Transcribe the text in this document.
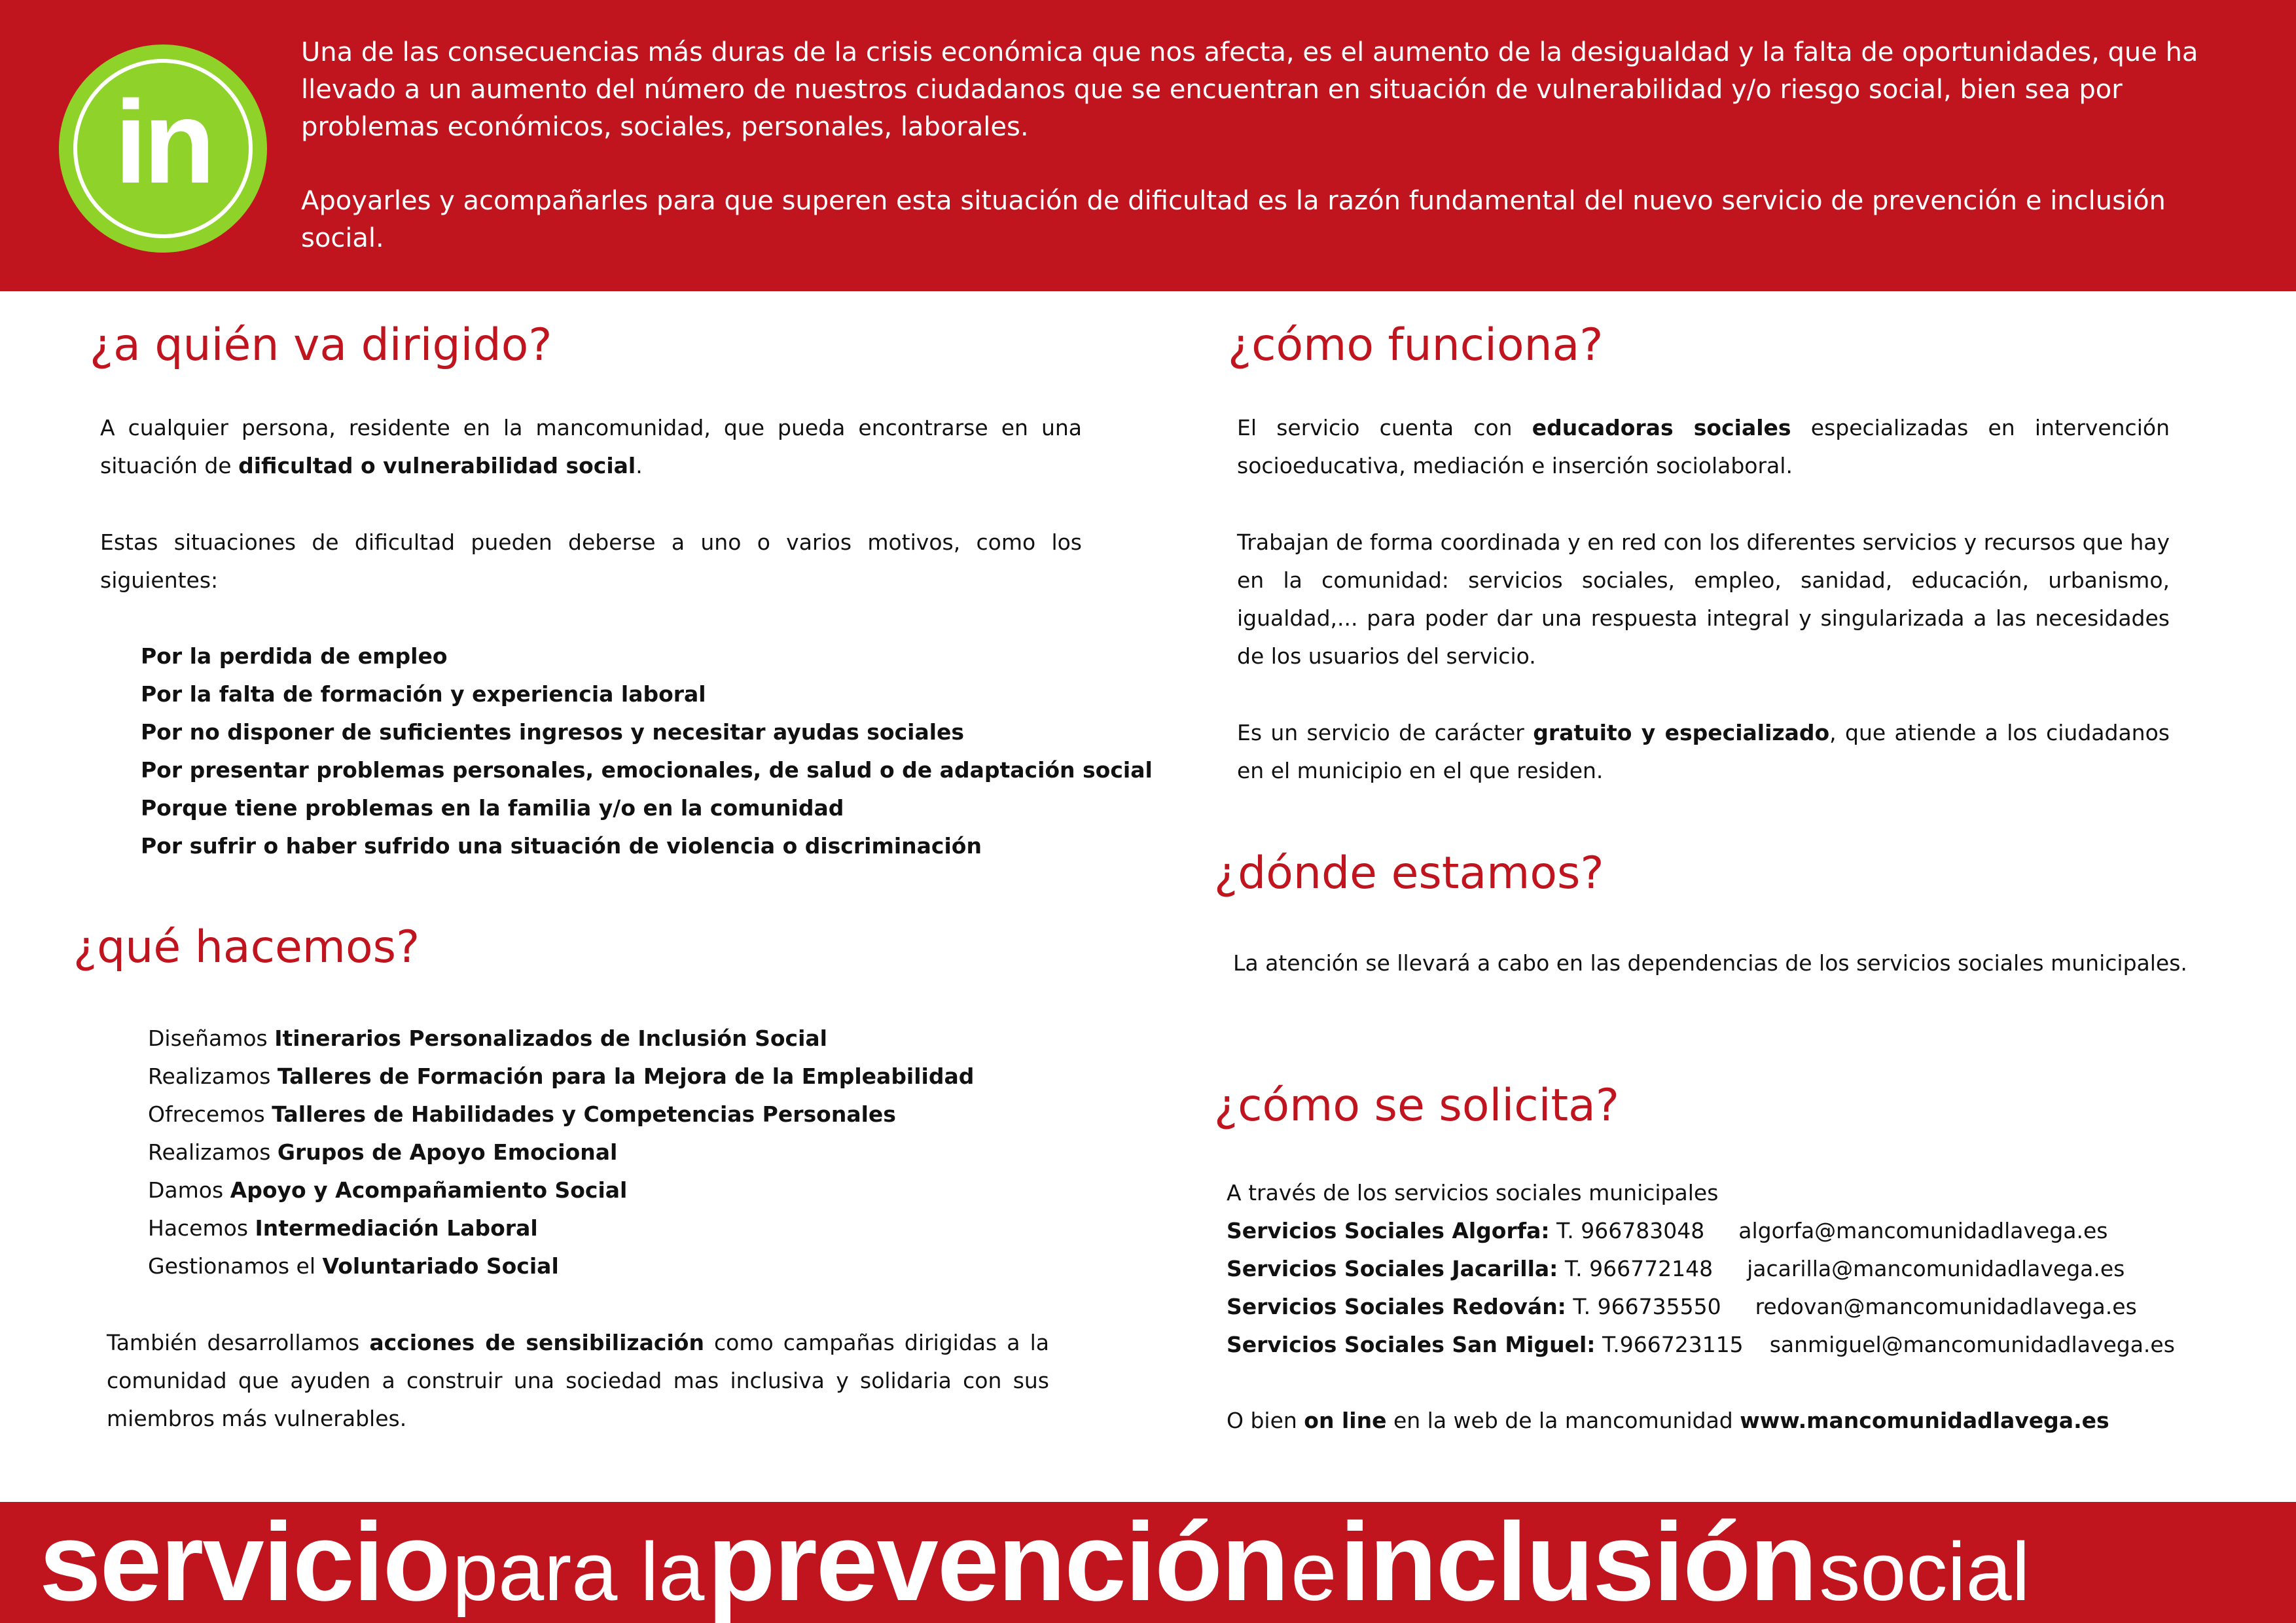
in

Una de las consecuencias más duras de la crisis económica que nos afecta, es el aumento de la desigualdad y la falta de oportunidades, que ha llevado a un aumento del número de nuestros ciudadanos que se encuentran en situación de vulnerabilidad y/o riesgo social, bien sea por problemas económicos, sociales, personales, laborales.

Apoyarles y acompañarles para que superen esta situación de dificultad es la razón fundamental del nuevo servicio de prevención e inclusión social.

¿a quién va dirigido?

A cualquier persona, residente en la mancomunidad, que pueda encontrarse en una situación de dificultad o vulnerabilidad social.

Estas situaciones de dificultad pueden deberse a uno o varios motivos, como los siguientes:

Por la perdida de empleo
Por la falta de formación y experiencia laboral
Por no disponer de suficientes ingresos y necesitar ayudas sociales
Por presentar problemas personales, emocionales, de salud o de adaptación social
Porque tiene problemas en la familia y/o en la comunidad
Por sufrir o haber sufrido una situación de violencia o discriminación
¿qué hacemos?
Diseñamos Itinerarios Personalizados de Inclusión Social
Realizamos Talleres de Formación para la Mejora de la Empleabilidad
Ofrecemos Talleres de Habilidades y Competencias Personales
Realizamos Grupos de Apoyo Emocional
Damos Apoyo y Acompañamiento Social
Hacemos Intermediación Laboral
Gestionamos el Voluntariado Social

También desarrollamos acciones de sensibilización como campañas dirigidas a la comunidad que ayuden a construir una sociedad mas inclusiva y solidaria con sus miembros más vulnerables.

¿cómo funciona?

El servicio cuenta con educadoras sociales especializadas en intervención socioeducativa, mediación e inserción sociolaboral.

Trabajan de forma coordinada y en red con los diferentes servicios y recursos que hay en la comunidad: servicios sociales, empleo, sanidad, educación, urbanismo, igualdad,... para poder dar una respuesta integral y singularizada a las necesidades de los usuarios del servicio.

Es un servicio de carácter gratuito y especializado, que atiende a los ciudadanos en el municipio en el que residen.

¿dónde estamos?

La atención se llevará a cabo en las dependencias de los servicios sociales municipales.

¿cómo se solicita?
A través de los servicios sociales municipales
Servicios Sociales Algorfa: T. 966783048 algorfa@mancomunidadlavega.es
Servicios Sociales Jacarilla: T. 966772148 jacarilla@mancomunidadlavega.es
Servicios Sociales Redován: T. 966735550 redovan@mancomunidadlavega.es
Servicios Sociales San Miguel: T.966723115 sanmiguel@mancomunidadlavega.es
O bien on line en la web de la mancomunidad www.mancomunidadlavega.es
servicio para la prevención e inclusión social
